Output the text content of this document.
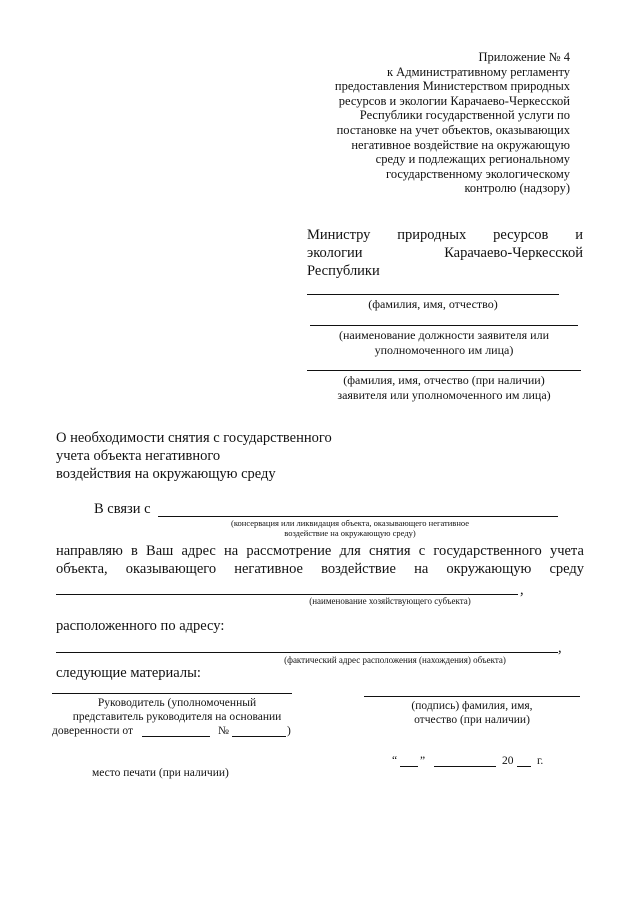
Приложение № 4
к Административному регламенту
предоставления Министерством природных
ресурсов и экологии Карачаево-Черкесской
Республики государственной услуги по
постановке на учет объектов, оказывающих
негативное воздействие на окружающую
среду и подлежащих региональному
государственному экологическому
контролю (надзору)
Министру природных ресурсов и
экологии	Карачаево-Черкесской
Республики
(фамилия, имя, отчество)
(наименование должности заявителя или
уполномоченного им лица)
(фамилия, имя, отчество (при наличии)
заявителя или уполномоченного им лица)
О необходимости снятия с государственного
учета объекта негативного
воздействия на окружающую среду
В связи с
(консервация или ликвидация объекта, оказывающего негативное
воздействие на окружающую среду)
направляю в Ваш адрес на рассмотрение для снятия с государственного учета
объекта, оказывающего негативное воздействие на окружающую среду
,
(наименование хозяйствующего субъекта)
расположенного по адресу:
,
(фактический адрес расположения (нахождения) объекта)
следующие материалы:
Руководитель (уполномоченный
представитель руководителя на основании
доверенности от	№	)
(подпись) фамилия, имя,
отчество (при наличии)
“ ”	20 г.
место печати (при наличии)
